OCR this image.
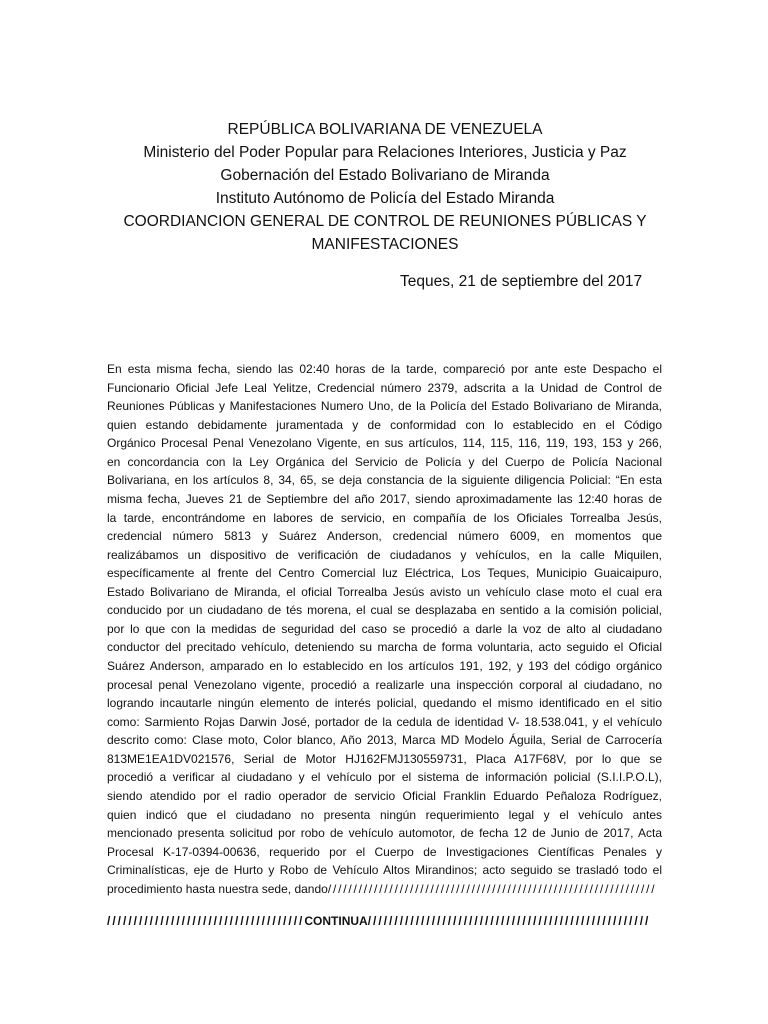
REPÚBLICA BOLIVARIANA DE VENEZUELA
Ministerio del Poder Popular para Relaciones Interiores, Justicia y Paz
Gobernación del Estado Bolivariano de Miranda
Instituto Autónomo de Policía del Estado Miranda
COORDIANCION GENERAL DE CONTROL DE REUNIONES PÚBLICAS Y MANIFESTACIONES
Teques, 21 de septiembre del 2017
En esta misma fecha, siendo las 02:40 horas de la tarde, compareció por ante este Despacho el
Funcionario Oficial Jefe Leal Yelitze, Credencial número 2379, adscrita a la Unidad de Control de
Reuniones Públicas y Manifestaciones Numero Uno, de la Policía del Estado Bolivariano de Miranda,
quien estando debidamente juramentada y de conformidad con lo establecido en el Código
Orgánico Procesal Penal Venezolano Vigente, en sus artículos, 114, 115, 116, 119, 193, 153 y 266,
en concordancia con la Ley Orgánica del Servicio de Policía y del Cuerpo de Policía Nacional
Bolivariana, en los artículos 8, 34, 65, se deja constancia de la siguiente diligencia Policial: “En esta
misma fecha, Jueves 21 de Septiembre del año 2017, siendo aproximadamente las 12:40 horas de
la tarde, encontrándome en labores de servicio, en compañía de los Oficiales Torrealba Jesús,
credencial número 5813 y Suárez Anderson, credencial número 6009, en momentos que
realizábamos un dispositivo de verificación de ciudadanos y vehículos, en la calle Miquilen,
específicamente al frente del Centro Comercial luz Eléctrica, Los Teques, Municipio Guaicaipuro,
Estado Bolivariano de Miranda, el oficial Torrealba Jesús avisto un vehículo clase moto el cual era
conducido por un ciudadano de tés morena, el cual se desplazaba en sentido a la comisión policial,
por lo que con la medidas de seguridad del caso se procedió a darle la voz de alto al ciudadano
conductor del precitado vehículo, deteniendo su marcha de forma voluntaria, acto seguido el Oficial
Suárez Anderson, amparado en lo establecido en los artículos 191, 192, y 193 del código orgánico
procesal penal Venezolano vigente, procedió a realizarle una inspección corporal al ciudadano, no
logrando incautarle ningún elemento de interés policial, quedando el mismo identificado en el sitio
como: Sarmiento Rojas Darwin José, portador de la cedula de identidad V- 18.538.041, y el vehículo
descrito como: Clase moto, Color blanco, Año 2013, Marca MD Modelo Águila, Serial de Carrocería
813ME1EA1DV021576, Serial de Motor HJ162FMJ130559731, Placa A17F68V, por lo que se
procedió a verificar al ciudadano y el vehículo por el sistema de información policial (S.I.I.P.O.L),
siendo atendido por el radio operador de servicio Oficial Franklin Eduardo Peñaloza Rodríguez,
quien indicó que el ciudadano no presenta ningún requerimiento legal y el vehículo antes
mencionado presenta solicitud por robo de vehículo automotor, de fecha 12 de Junio de 2017, Acta
Procesal K-17-0394-00636, requerido por el Cuerpo de Investigaciones Científicas Penales y
Criminalísticas, eje de Hurto y Robo de Vehículo Altos Mirandinos; acto seguido se trasladó todo el
procedimiento hasta nuestra sede, dando////////////////////////////////////////////////////////////////
/////////////////////////////////////CONTINUA/////////////////////////////////////////////////////
